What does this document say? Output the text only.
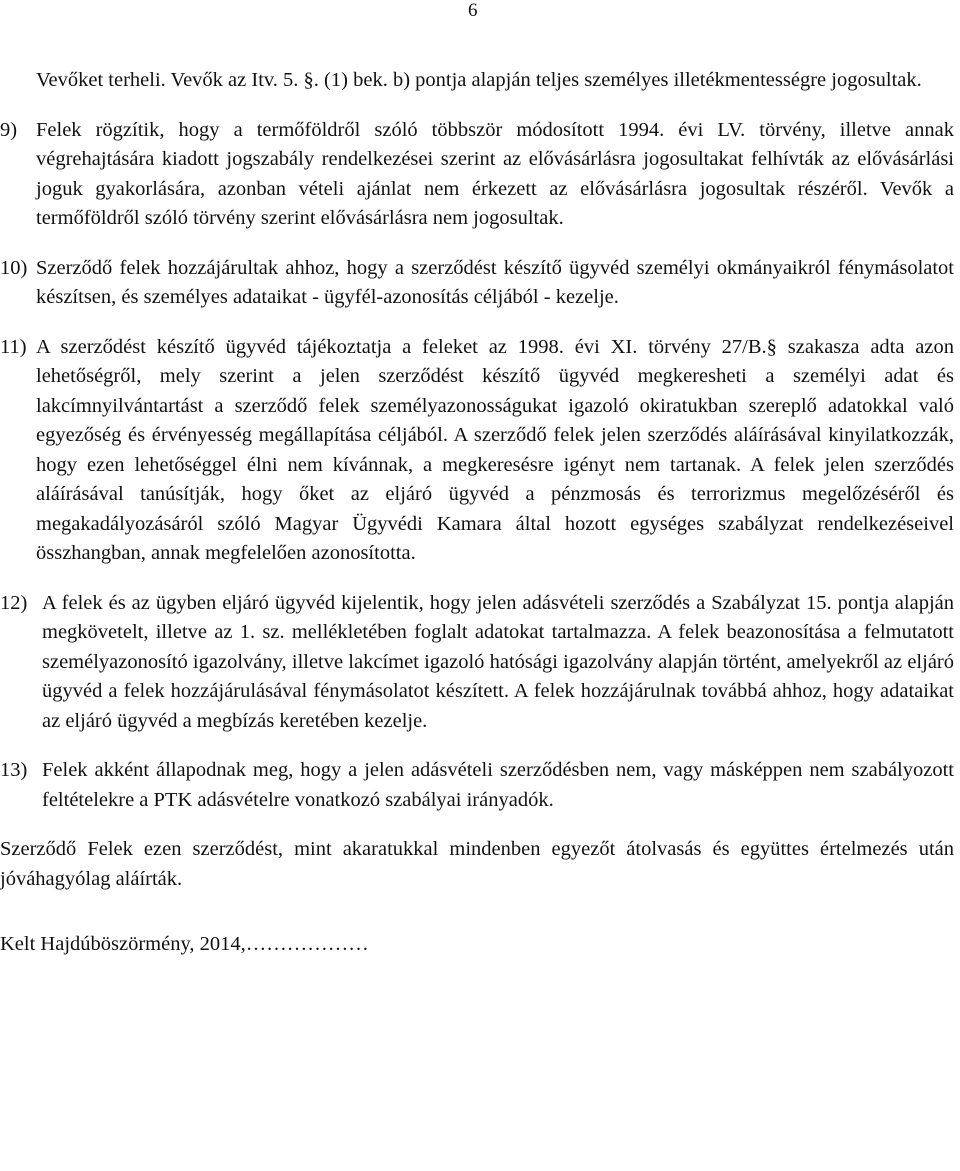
6

Vevőket terheli. Vevők az Itv. 5. §. (1) bek. b) pontja alapján teljes személyes illetékmentességre jogosultak.

9) Felek rögzítik, hogy a termőföldről szóló többször módosított 1994. évi LV. törvény, illetve annak végrehajtására kiadott jogszabály rendelkezései szerint az elővásárlásra jogosultakat felhívták az elővásárlási joguk gyakorlására, azonban vételi ajánlat nem érkezett az elővásárlásra jogosultak részéről. Vevők a termőföldről szóló törvény szerint elővásárlásra nem jogosultak.

10) Szerződő felek hozzájárultak ahhoz, hogy a szerződést készítő ügyvéd személyi okmányaikról fénymásolatot készítsen, és személyes adataikat - ügyfél-azonosítás céljából - kezelje.

11) A szerződést készítő ügyvéd tájékoztatja a feleket az 1998. évi XI. törvény 27/B.§ szakasza adta azon lehetőségről, mely szerint a jelen szerződést készítő ügyvéd megkeresheti a személyi adat és lakcímnyilvántartást a szerződő felek személyazonosságukat igazoló okiratukban szereplő adatokkal való egyezőség és érvényesség megállapítása céljából. A szerződő felek jelen szerződés aláírásával kinyilatkozzák, hogy ezen lehetőséggel élni nem kívánnak, a megkeresésre igényt nem tartanak. A felek jelen szerződés aláírásával tanúsítják, hogy őket az eljáró ügyvéd a pénzmosás és terrorizmus megelőzéséről és megakadályozásáról szóló Magyar Ügyvédi Kamara által hozott egységes szabályzat rendelkezéseivel összhangban, annak megfelelően azonosította.

12) A felek és az ügyben eljáró ügyvéd kijelentik, hogy jelen adásvételi szerződés a Szabályzat 15. pontja alapján megkövetelt, illetve az 1. sz. mellékletében foglalt adatokat tartalmazza. A felek beazonosítása a felmutatott személyazonosító igazolvány, illetve lakcímet igazoló hatósági igazolvány alapján történt, amelyekről az eljáró ügyvéd a felek hozzájárulásával fénymásolatot készített. A felek hozzájárulnak továbbá ahhoz, hogy adataikat az eljáró ügyvéd a megbízás keretében kezelje.

13) Felek akként állapodnak meg, hogy a jelen adásvételi szerződésben nem, vagy másképpen nem szabályozott feltételekre a PTK adásvételre vonatkozó szabályai irányadók.

Szerződő Felek ezen szerződést, mint akaratukkal mindenben egyezőt átolvasás és együttes értelmezés után jóváhagyólag aláírták.

Kelt Hajdúböszörmény, 2014,………………
